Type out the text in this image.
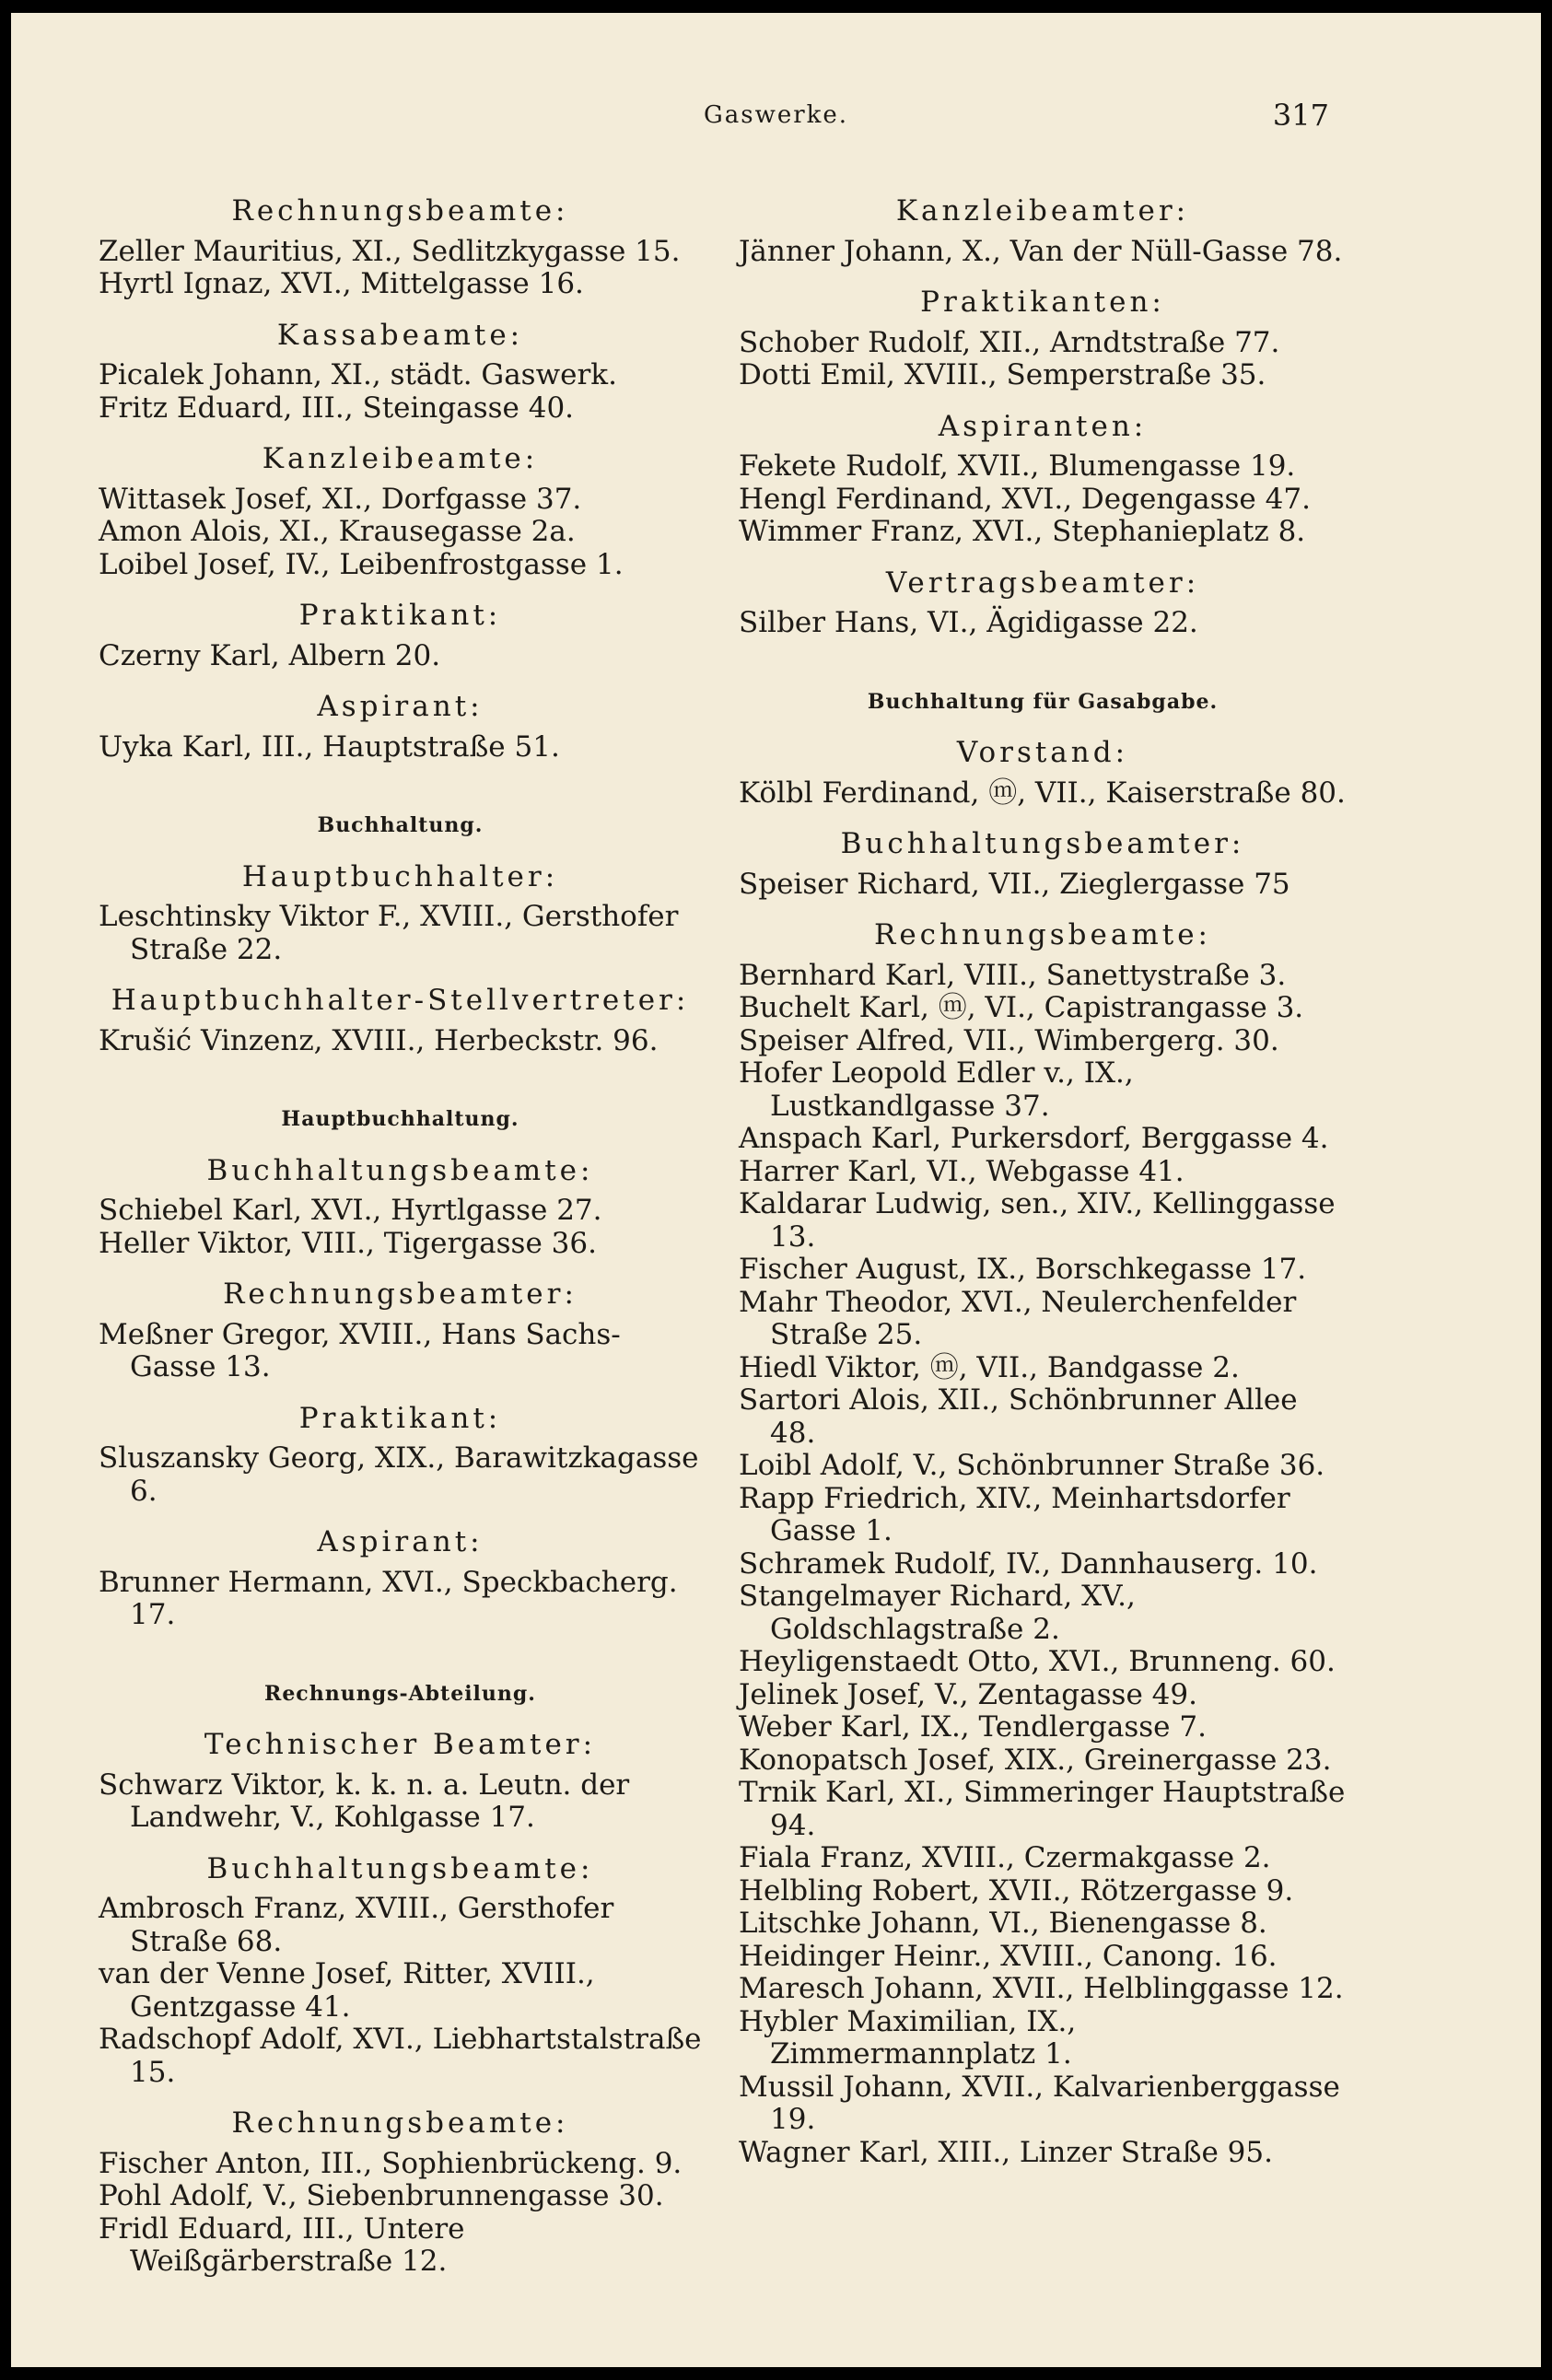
Gaswerke.	317
Rechnungsbeamte:
Zeller Mauritius, XI., Sedlitzkygasse 15.
Hyrtl Ignaz, XVI., Mittelgasse 16.
Kassabeamte:
Picalek Johann, XI., städt. Gaswerk.
Fritz Eduard, III., Steingasse 40.
Kanzleibeamte:
Wittasek Josef, XI., Dorfgasse 37.
Amon Alois, XI., Krausegasse 2a.
Loibel Josef, IV., Leibenfrostgasse 1.
Praktikant:
Czerny Karl, Albern 20.
Aspirant:
Uyka Karl, III., Hauptstraße 51.
Buchhaltung.
Hauptbuchhalter:
Leschtinsky Viktor F., XVIII., Gersthofer Straße 22.
Hauptbuchhalter-Stellvertreter:
Krušić Vinzenz, XVIII., Herbeckstr. 96.
Hauptbuchhaltung.
Buchhaltungsbeamte:
Schiebel Karl, XVI., Hyrtlgasse 27.
Heller Viktor, VIII., Tigergasse 36.
Rechnungsbeamter:
Meßner Gregor, XVIII., Hans Sachs-Gasse 13.
Praktikant:
Sluszansky Georg, XIX., Barawitzkagasse 6.
Aspirant:
Brunner Hermann, XVI., Speckbacherg. 17.
Rechnungs-Abteilung.
Technischer Beamter:
Schwarz Viktor, k. k. n. a. Leutn. der Landwehr, V., Kohlgasse 17.
Buchhaltungsbeamte:
Ambrosch Franz, XVIII., Gersthofer Straße 68.
van der Venne Josef, Ritter, XVIII., Gentzgasse 41.
Radschopf Adolf, XVI., Liebhartstalstraße 15.
Rechnungsbeamte:
Fischer Anton, III., Sophienbrückeng. 9.
Pohl Adolf, V., Siebenbrunnengasse 30.
Fridl Eduard, III., Untere Weißgärberstraße 12.
Kanzleibeamter:
Jänner Johann, X., Van der Nüll-Gasse 78.
Praktikanten:
Schober Rudolf, XII., Arndtstraße 77.
Dotti Emil, XVIII., Semperstraße 35.
Aspiranten:
Fekete Rudolf, XVII., Blumengasse 19.
Hengl Ferdinand, XVI., Degengasse 47.
Wimmer Franz, XVI., Stephanieplatz 8.
Vertragsbeamter:
Silber Hans, VI., Ägidigasse 22.
Buchhaltung für Gasabgabe.
Vorstand:
Kölbl Ferdinand, ⓜ, VII., Kaiserstraße 80.
Buchhaltungsbeamter:
Speiser Richard, VII., Zieglergasse 75
Rechnungsbeamte:
Bernhard Karl, VIII., Sanettystraße 3.
Buchelt Karl, ⓜ, VI., Capistrangasse 3.
Speiser Alfred, VII., Wimbergerg. 30.
Hofer Leopold Edler v., IX., Lustkandlgasse 37.
Anspach Karl, Purkersdorf, Berggasse 4.
Harrer Karl, VI., Webgasse 41.
Kaldarar Ludwig, sen., XIV., Kellinggasse 13.
Fischer August, IX., Borschkegasse 17.
Mahr Theodor, XVI., Neulerchenfelder Straße 25.
Hiedl Viktor, ⓜ, VII., Bandgasse 2.
Sartori Alois, XII., Schönbrunner Allee 48.
Loibl Adolf, V., Schönbrunner Straße 36.
Rapp Friedrich, XIV., Meinhartsdorfer Gasse 1.
Schramek Rudolf, IV., Dannhauserg. 10.
Stangelmayer Richard, XV., Goldschlagstraße 2.
Heyligenstaedt Otto, XVI., Brunneng. 60.
Jelinek Josef, V., Zentagasse 49.
Weber Karl, IX., Tendlergasse 7.
Konopatsch Josef, XIX., Greinergasse 23.
Trnik Karl, XI., Simmeringer Hauptstraße 94.
Fiala Franz, XVIII., Czermakgasse 2.
Helbling Robert, XVII., Rötzergasse 9.
Litschke Johann, VI., Bienengasse 8.
Heidinger Heinr., XVIII., Canong. 16.
Maresch Johann, XVII., Helblinggasse 12.
Hybler Maximilian, IX., Zimmermannplatz 1.
Mussil Johann, XVII., Kalvarienberggasse 19.
Wagner Karl, XIII., Linzer Straße 95.
